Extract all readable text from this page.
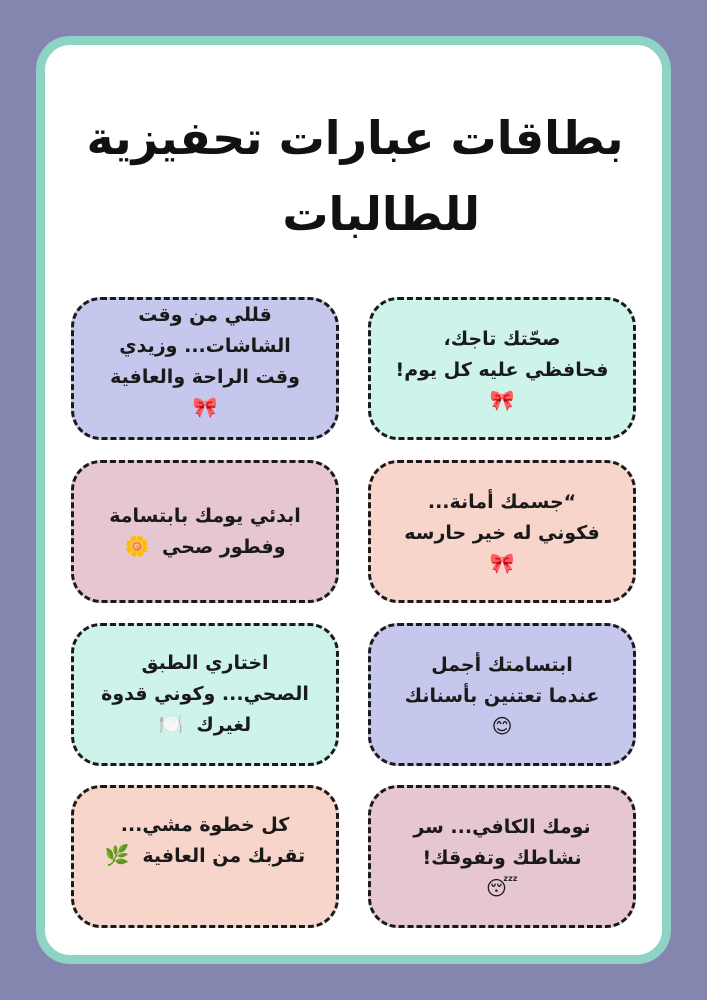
بطاقات عبارات تحفيزية
للطالبات
صحّتك تاجك،
فحافظي عليه كل يوم!
🎀
قللي من وقت
الشاشات... وزيدي
وقت الراحة والعافية
🎀
“جسمك أمانة...
فكوني له خير حارسه
🎀
ابدئي يومك بابتسامة
وفطور صحي 🌼
ابتسامتك أجمل
عندما تعتنين بأسنانك
😊
اختاري الطبق
الصحي... وكوني قدوة
لغيرك 🍽️
نومك الكافي... سر
نشاطك وتفوقك!
😴
كل خطوة مشي...
تقربك من العافية 🌿
